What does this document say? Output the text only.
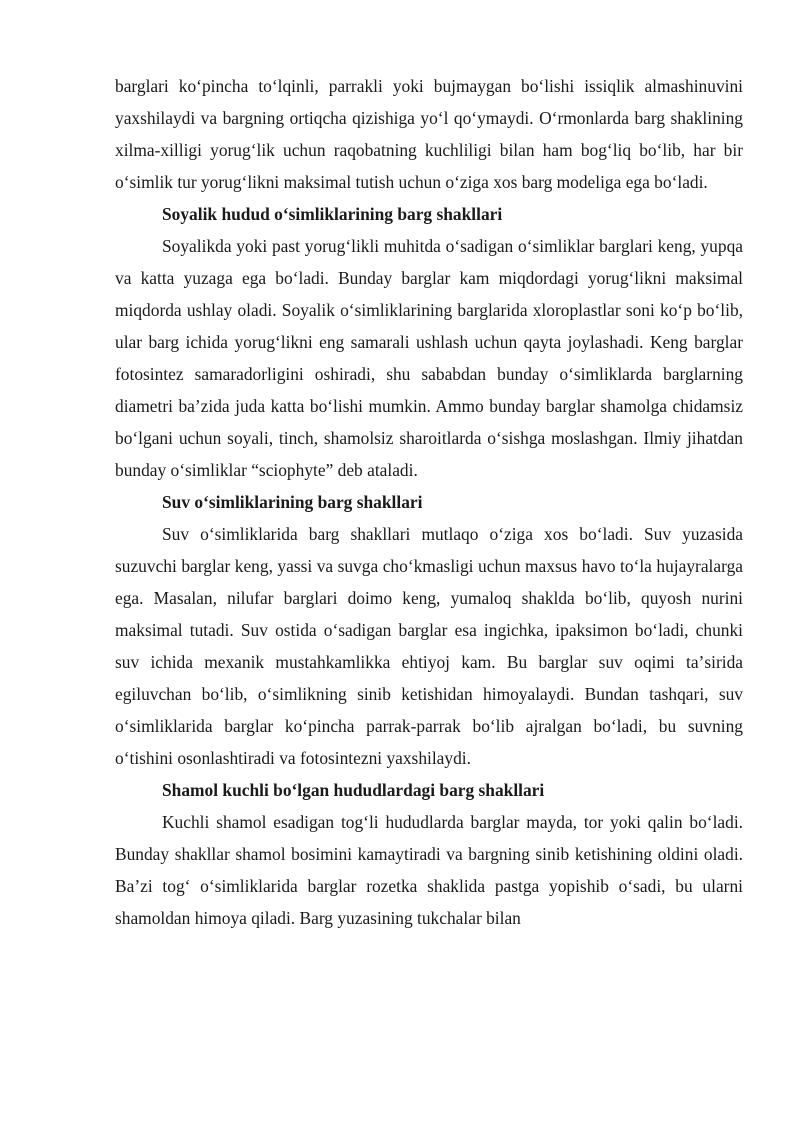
barglari koʻpincha toʻlqinli, parrakli yoki bujmaygan boʻlishi issiqlik almashinuvini yaxshilaydi va bargning ortiqcha qizishiga yoʻl qoʻymaydi. Oʻrmonlarda barg shaklining xilma-xilligi yorugʻlik uchun raqobatning kuchliligi bilan ham bogʻliq boʻlib, har bir oʻsimlik tur yorugʻlikni maksimal tutish uchun oʻziga xos barg modeliga ega boʻladi.

Soyalik hudud oʻsimliklarining barg shakllari

Soyalikda yoki past yorugʻlikli muhitda oʻsadigan oʻsimliklar barglari keng, yupqa va katta yuzaga ega boʻladi. Bunday barglar kam miqdordagi yorugʻlikni maksimal miqdorda ushlay oladi. Soyalik oʻsimliklarining barglarida xloroplastlar soni koʻp boʻlib, ular barg ichida yorugʻlikni eng samarali ushlash uchun qayta joylashadi. Keng barglar fotosintez samaradorligini oshiradi, shu sababdan bunday oʻsimliklarda barglarning diametri baʼzida juda katta boʻlishi mumkin. Ammo bunday barglar shamolga chidamsiz boʻlgani uchun soyali, tinch, shamolsiz sharoitlarda oʻsishga moslashgan. Ilmiy jihatdan bunday oʻsimliklar “sciophyte” deb ataladi.

Suv oʻsimliklarining barg shakllari

Suv oʻsimliklarida barg shakllari mutlaqo oʻziga xos boʻladi. Suv yuzasida suzuvchi barglar keng, yassi va suvga choʻkmasligi uchun maxsus havo toʻla hujayralarga ega. Masalan, nilufar barglari doimo keng, yumaloq shaklda boʻlib, quyosh nurini maksimal tutadi. Suv ostida oʻsadigan barglar esa ingichka, ipaksimon boʻladi, chunki suv ichida mexanik mustahkamlikka ehtiyoj kam. Bu barglar suv oqimi taʼsirida egiluvchan boʻlib, oʻsimlikning sinib ketishidan himoyalaydi. Bundan tashqari, suv oʻsimliklarida barglar koʻpincha parrak-parrak boʻlib ajralgan boʻladi, bu suvning oʻtishini osonlashtiradi va fotosintezni yaxshilaydi.

Shamol kuchli boʻlgan hududlardagi barg shakllari

Kuchli shamol esadigan togʻli hududlarda barglar mayda, tor yoki qalin boʻladi. Bunday shakllar shamol bosimini kamaytiradi va bargning sinib ketishining oldini oladi. Baʼzi togʻ oʻsimliklarida barglar rozetka shaklida pastga yopishib oʻsadi, bu ularni shamoldan himoya qiladi. Barg yuzasining tukchalar bilan
